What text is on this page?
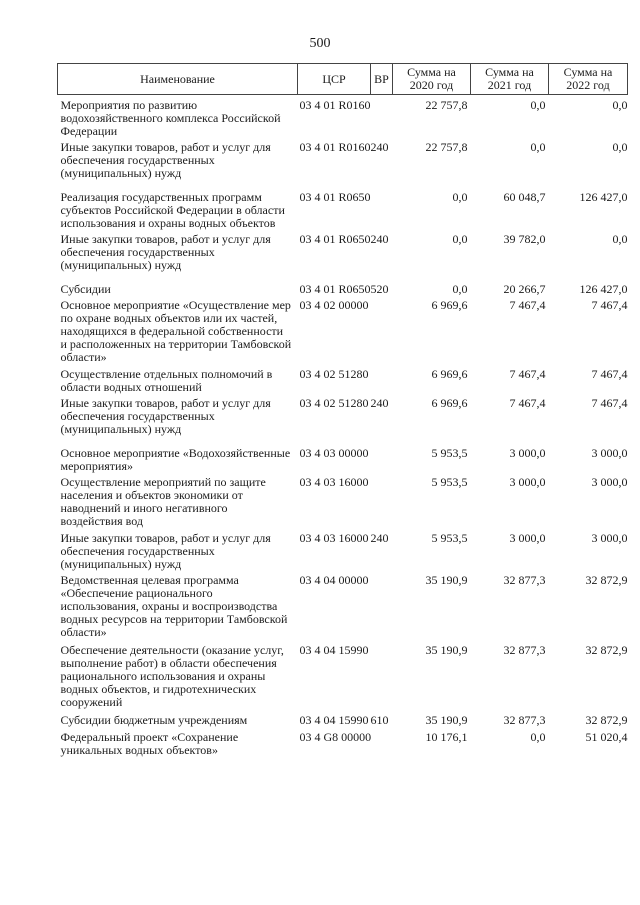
500
Наименование	ЦСР	ВР	Сумма на 2020 год	Сумма на 2021 год	Сумма на 2022 год
Мероприятия по развитию водохозяйственного комплекса Российской Федерации	03 4 01 R0160		22 757,8	0,0	0,0
Иные закупки товаров, работ и услуг для обеспечения государственных (муниципальных) нужд	03 4 01 R0160	240	22 757,8	0,0	0,0
Реализация государственных программ субъектов Российской Федерации в области использования и охраны водных объектов	03 4 01 R0650		0,0	60 048,7	126 427,0
Иные закупки товаров, работ и услуг для обеспечения государственных (муниципальных) нужд	03 4 01 R0650	240	0,0	39 782,0	0,0
Субсидии	03 4 01 R0650	520	0,0	20 266,7	126 427,0
Основное мероприятие «Осуществление мер по охране водных объектов или их частей, находящихся в федеральной собственности и расположенных на территории Тамбовской области»	03 4 02 00000		6 969,6	7 467,4	7 467,4
Осуществление отдельных полномочий в области водных отношений	03 4 02 51280		6 969,6	7 467,4	7 467,4
Иные закупки товаров, работ и услуг для обеспечения государственных (муниципальных) нужд	03 4 02 51280	240	6 969,6	7 467,4	7 467,4
Основное мероприятие «Водохозяйственные мероприятия»	03 4 03 00000		5 953,5	3 000,0	3 000,0
Осуществление мероприятий по защите населения и объектов экономики от наводнений и иного негативного воздействия вод	03 4 03 16000		5 953,5	3 000,0	3 000,0
Иные закупки товаров, работ и услуг для обеспечения государственных (муниципальных) нужд	03 4 03 16000	240	5 953,5	3 000,0	3 000,0
Ведомственная целевая программа «Обеспечение рационального использования, охраны и воспроизводства водных ресурсов на территории Тамбовской области»	03 4 04 00000		35 190,9	32 877,3	32 872,9
Обеспечение деятельности (оказание услуг, выполнение работ) в области обеспечения рационального использования и охраны водных объектов, и гидротехнических сооружений	03 4 04 15990		35 190,9	32 877,3	32 872,9
Субсидии бюджетным учреждениям	03 4 04 15990	610	35 190,9	32 877,3	32 872,9
Федеральный проект «Сохранение уникальных водных объектов»	03 4 G8 00000		10 176,1	0,0	51 020,4
